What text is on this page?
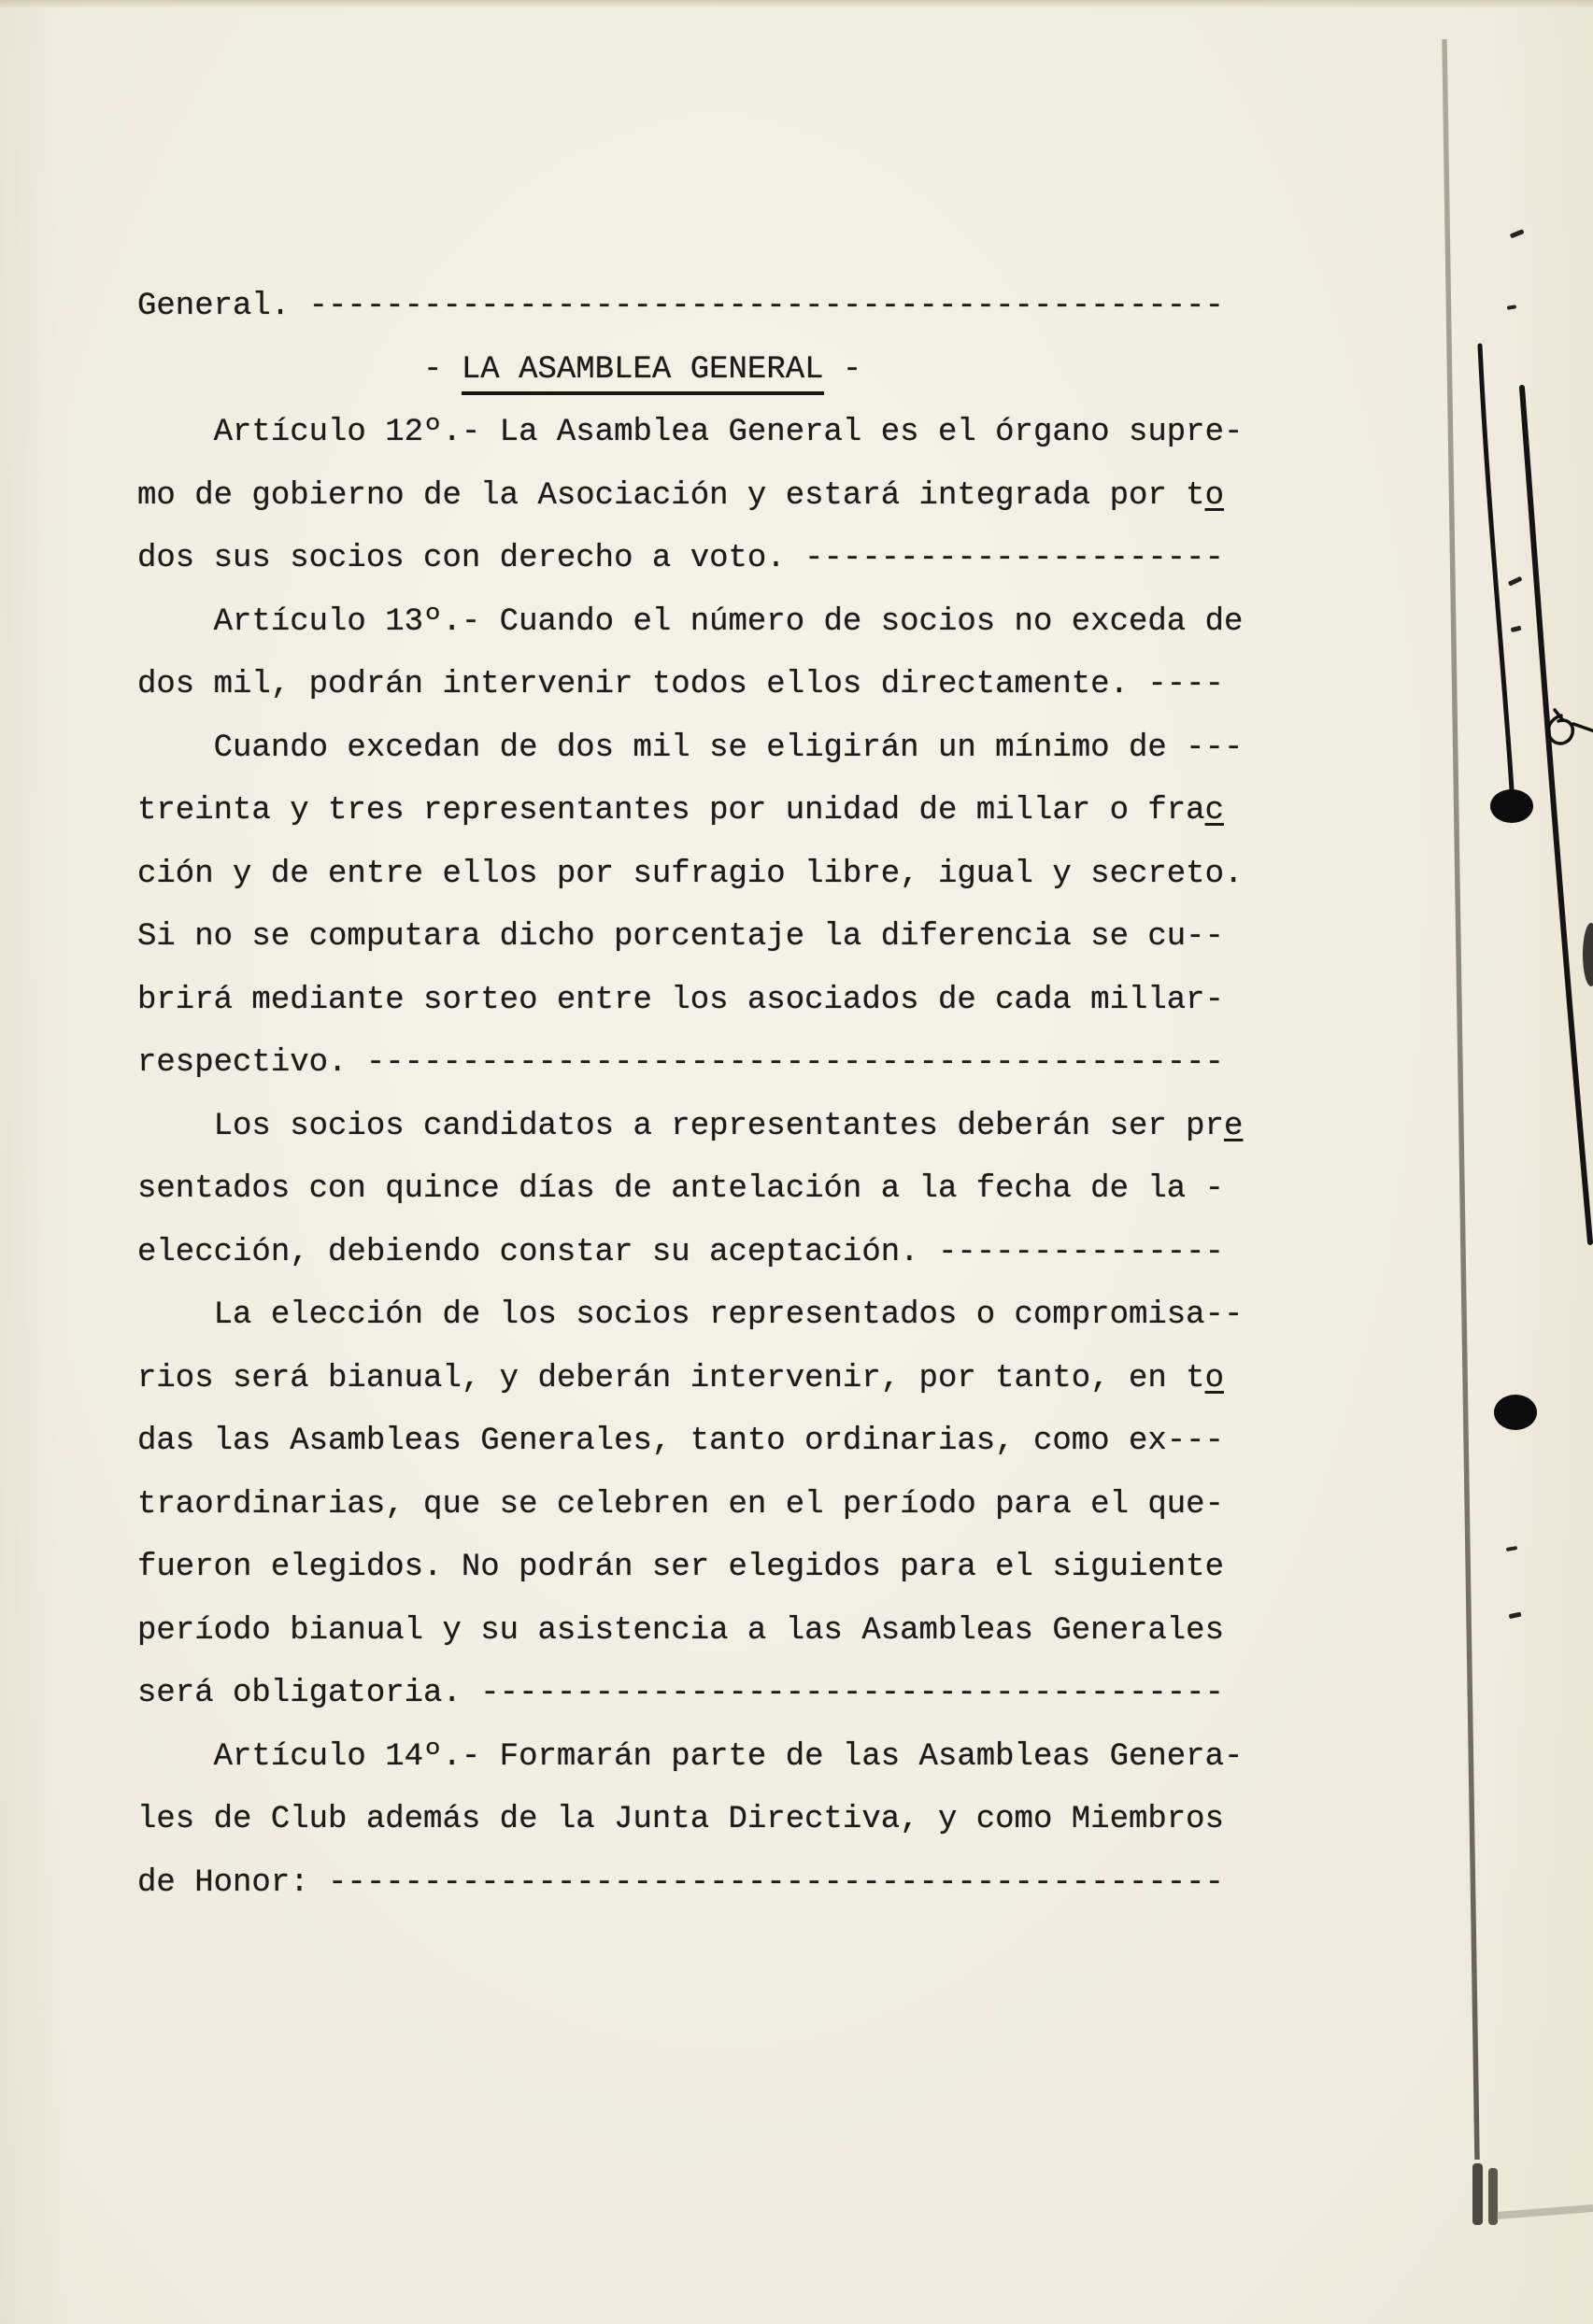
General. ------------------------------------------------
- LA ASAMBLEA GENERAL -
Artículo 12º.- La Asamblea General es el órgano supre-
mo de gobierno de la Asociación y estará integrada por to
dos sus socios con derecho a voto. ----------------------
Artículo 13º.- Cuando el número de socios no exceda de
dos mil, podrán intervenir todos ellos directamente. ----
Cuando excedan de dos mil se eligirán un mínimo de ---
treinta y tres representantes por unidad de millar o frac
ción y de entre ellos por sufragio libre, igual y secreto.
Si no se computara dicho porcentaje la diferencia se cu--
brirá mediante sorteo entre los asociados de cada millar-
respectivo. ---------------------------------------------
Los socios candidatos a representantes deberán ser pre
sentados con quince días de antelación a la fecha de la -
elección, debiendo constar su aceptación. ---------------
La elección de los socios representados o compromisa--
rios será bianual, y deberán intervenir, por tanto, en to
das las Asambleas Generales, tanto ordinarias, como ex---
traordinarias, que se celebren en el período para el que-
fueron elegidos. No podrán ser elegidos para el siguiente
período bianual y su asistencia a las Asambleas Generales
será obligatoria. ---------------------------------------
Artículo 14º.- Formarán parte de las Asambleas Genera-
les de Club además de la Junta Directiva, y como Miembros
de Honor: -----------------------------------------------
